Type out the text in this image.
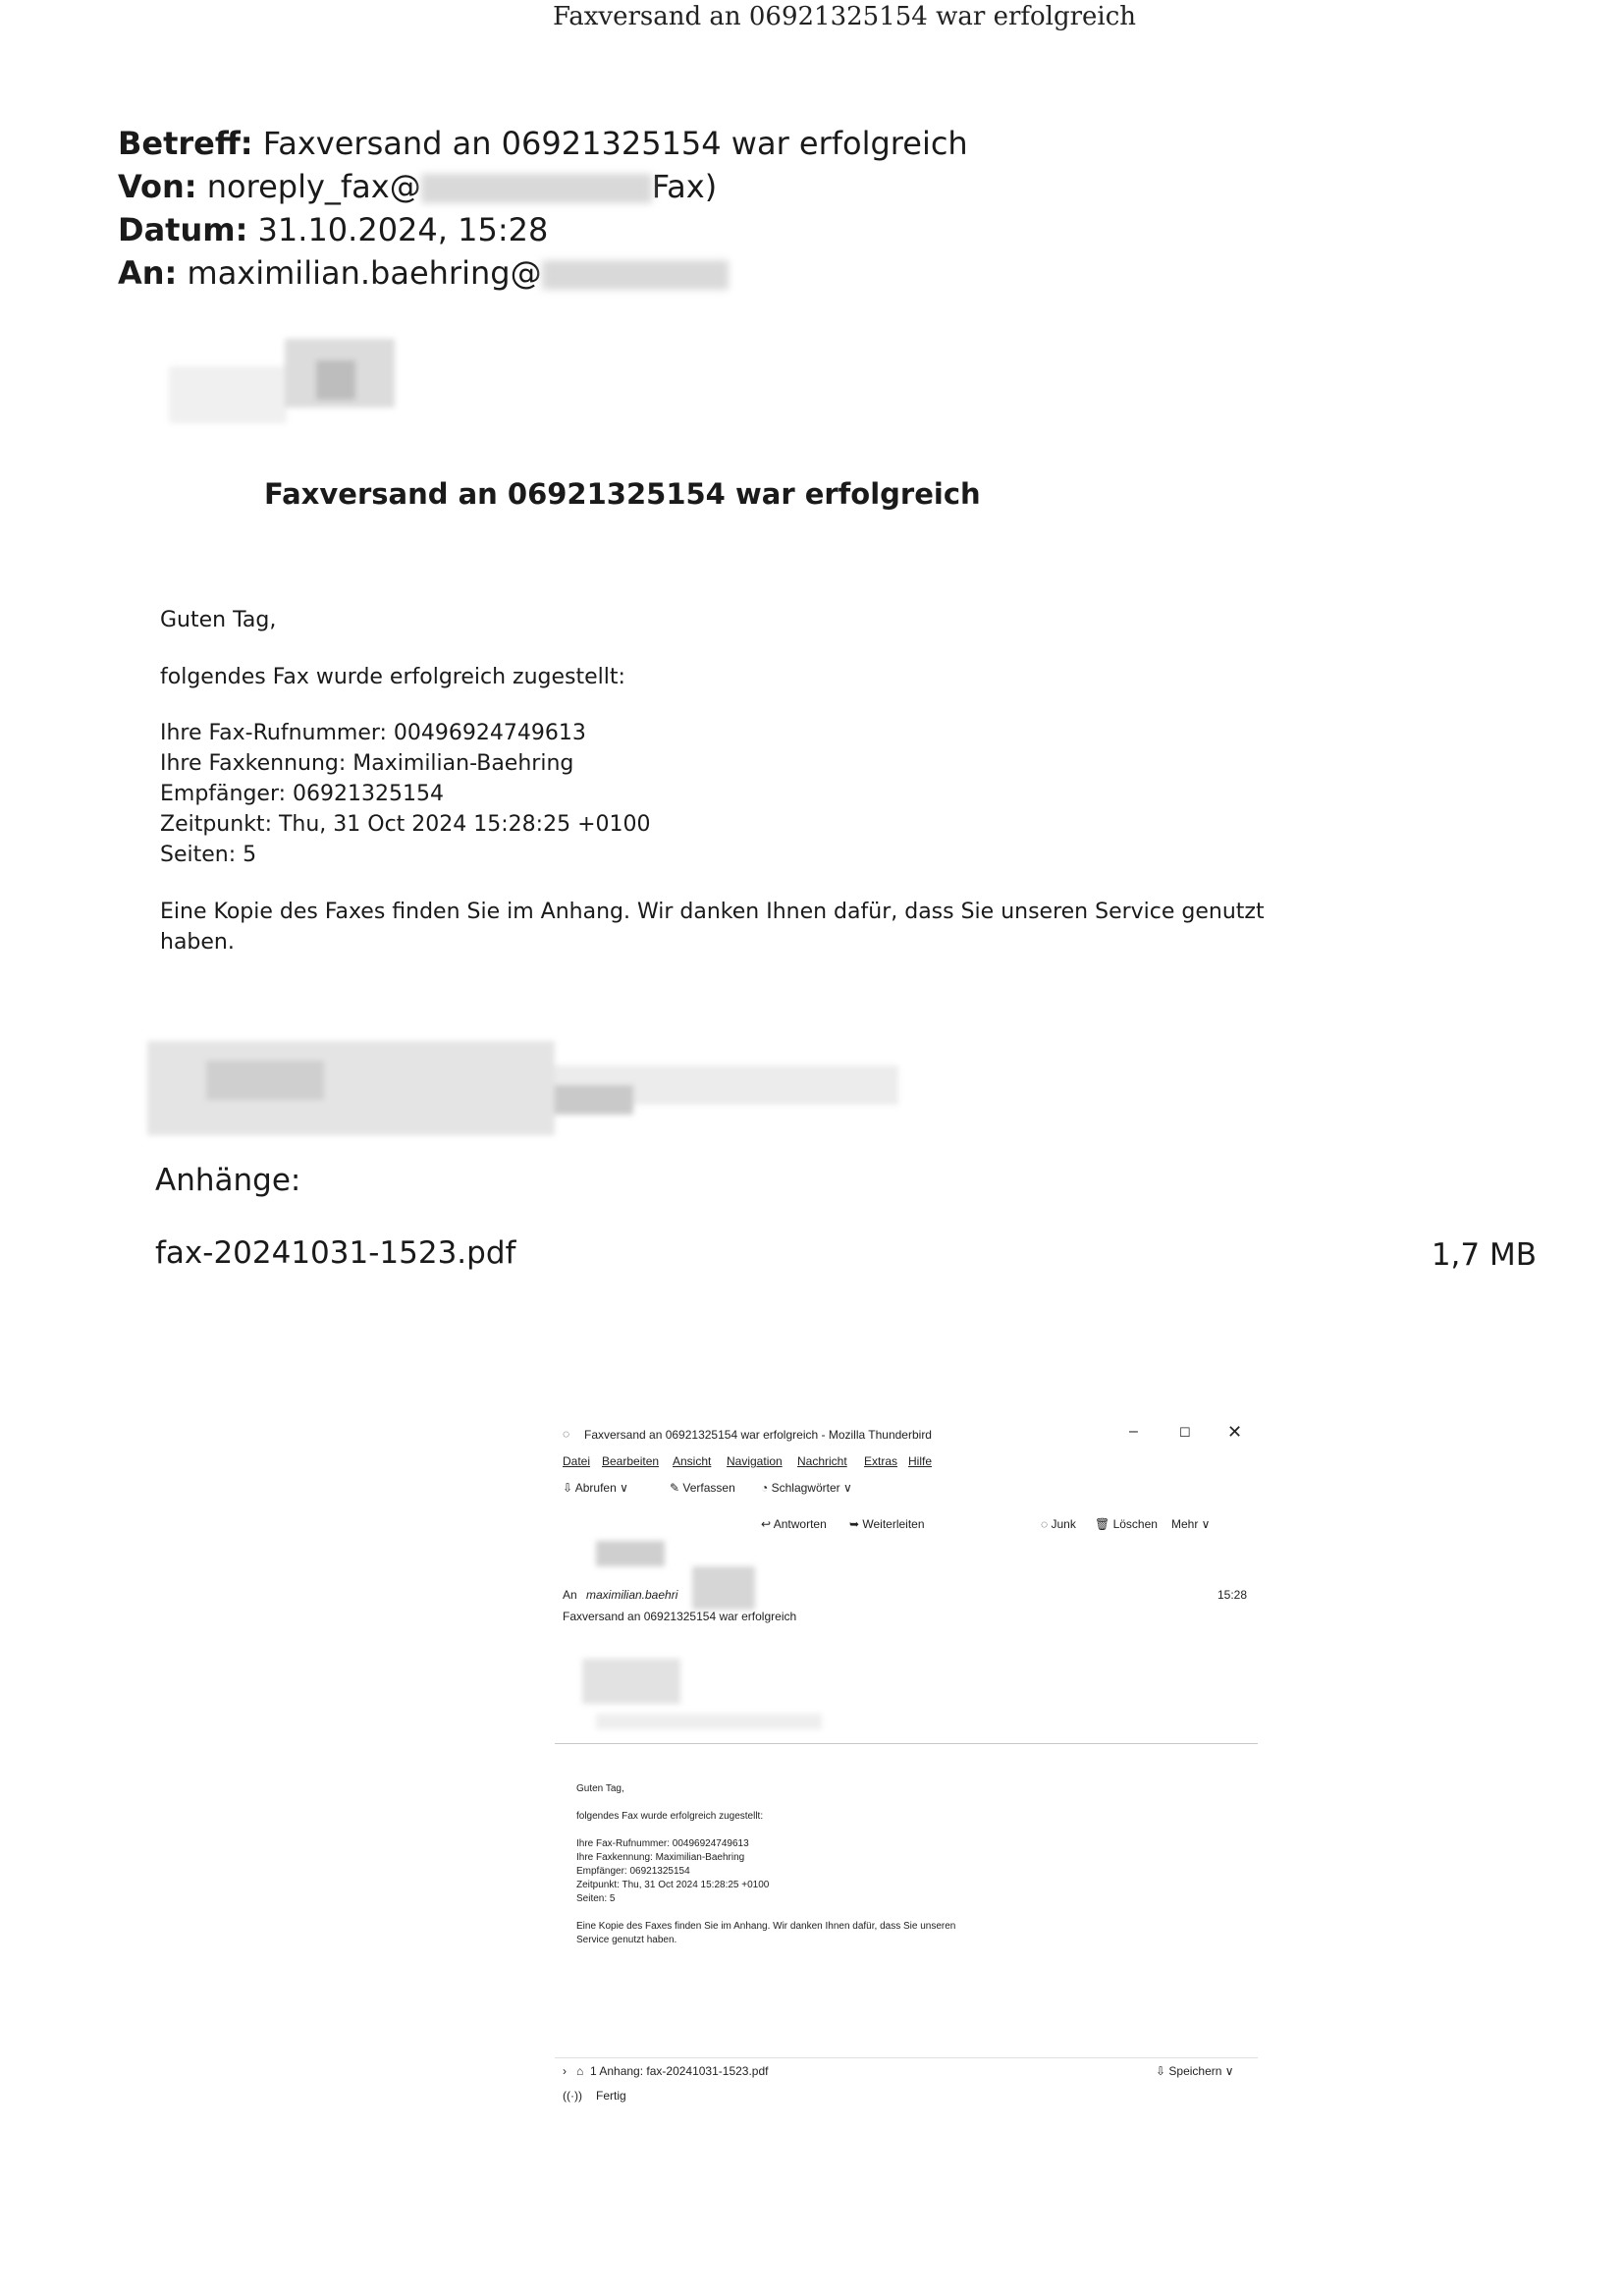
Faxversand an 06921325154 war erfolgreich
Betreff: Faxversand an 06921325154 war erfolgreich
Von: noreply_fax@	Fax)
Datum: 31.10.2024, 15:28
An: maximilian.baehring@
Faxversand an 06921325154 war erfolgreich
Guten Tag,
folgendes Fax wurde erfolgreich zugestellt:
Ihre Fax-Rufnummer: 00496924749613
Ihre Faxkennung: Maximilian-Baehring
Empfänger: 06921325154
Zeitpunkt: Thu, 31 Oct 2024 15:28:25 +0100
Seiten: 5
Eine Kopie des Faxes finden Sie im Anhang. Wir danken Ihnen dafür, dass Sie unseren Service genutzt
haben.
Anhänge:
fax-20241031-1523.pdf	1,7 MB
◌ Faxversand an 06921325154 war erfolgreich - Mozilla Thunderbird	–	☐ ✕
Datei Bearbeiten Ansicht Navigation Nachricht Extras Hilfe
⇩ Abrufen ∨	✎ Verfassen ◔ Schlagwörter ∨
↩ Antworten ➥ Weiterleiten	◌ Junk 🗑 Löschen Mehr ∨
An maximilian.baehri	15:28
Faxversand an 06921325154 war erfolgreich
Guten Tag,
folgendes Fax wurde erfolgreich zugestellt:
Ihre Fax-Rufnummer: 00496924749613
Ihre Faxkennung: Maximilian-Baehring
Empfänger: 06921325154
Zeitpunkt: Thu, 31 Oct 2024 15:28:25 +0100
Seiten: 5
Eine Kopie des Faxes finden Sie im Anhang. Wir danken Ihnen dafür, dass Sie unseren
Service genutzt haben.
› ⌂ 1 Anhang: fax-20241031-1523.pdf	⇩ Speichern ∨
((·)) Fertig
